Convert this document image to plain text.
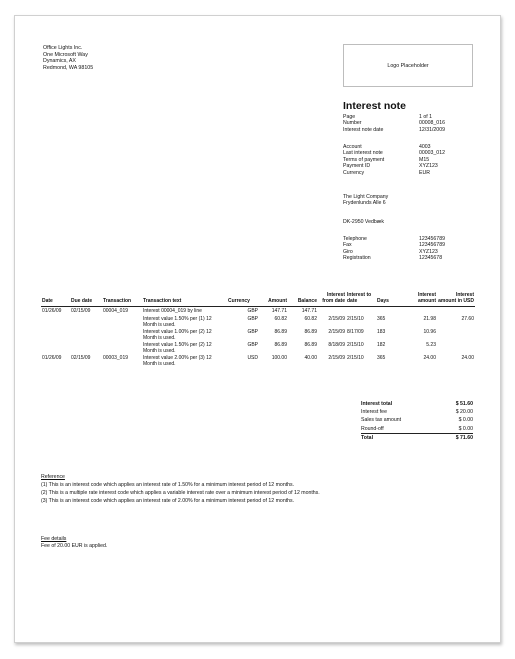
Office Lights Inc.
One Microsoft Way
Dynamics, AX
Redmond, WA 98105	Logo Placeholder
Interest note
Page	1 of 1
Number	00008_016
Interest note date	12/31/2009
Account	4003
Last interest note	00003_012
Terms of payment	M15
Payment ID	XYZ123
Currency	EUR
The Light Company
Frydenlunds Alle 6
DK-2950 Vedbæk
Telephone	123456789
Fax	123456789
Giro	XYZ123
Registration	12345678
Date	Due date	Transaction	Transaction text	Currency	Amount	Balance	Interest from date	Interest to date	Days	Interest amount	Interest amount in USD
01/26/09	02/15/09	00004_019	Interest 00004_019 by line	GBP	147.71	147.71					
			Interest value 1.50% per (1) 12 Month is used.	GBP	60.82	60.82	2/15/09	2/15/10	365	21.98	27.60
			Interest value 1.00% per (2) 12 Month is used.	GBP	86.89	86.89	2/15/09	8/17/09	183	10.96	
			Interest value 1.50% per (2) 12 Month is used.	GBP	86.89	86.89	8/18/09	2/15/10	182	5.23	
01/26/09	02/15/09	00003_019	Interest value 2.00% per (3) 12 Month is used.	USD	100.00	40.00	2/15/09	2/15/10	365	24.00	24.00
Interest total	$ 51.60
Interest fee	$ 20.00
Sales tax amount	$ 0.00
Round-off	$ 0.00
Total	$ 71.60
Reference
(1) This is an interest code which applies an interest rate of 1.50% for a minimum interest period of 12 months.
(2) This is a multiple rate interest code which applies a variable interest rate over a minimum interest period of 12 months.
(3) This is an interest code which applies an interest rate of 2.00% for a minimum interest period of 12 months.
Fee details
Fee of 20.00 EUR is applied.
